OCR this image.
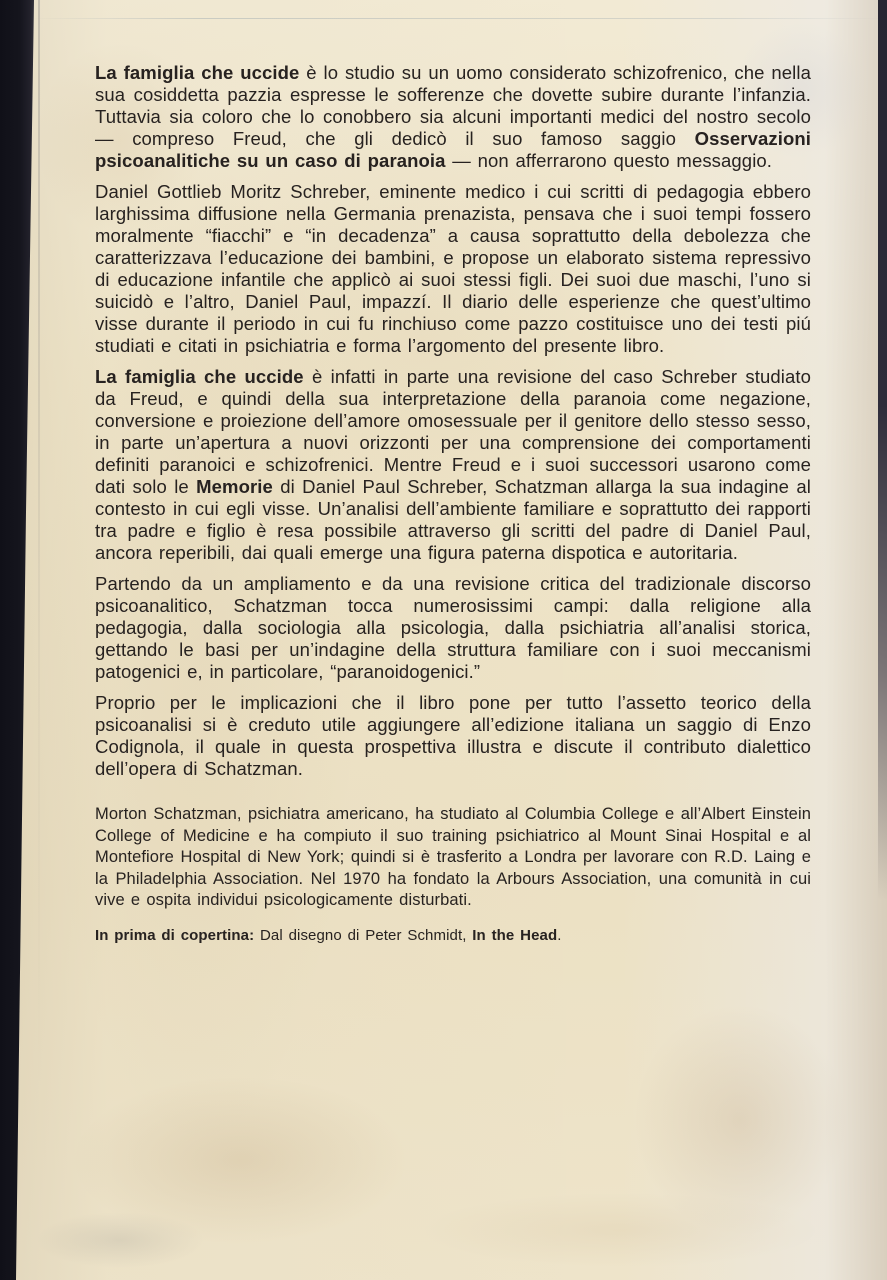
La famiglia che uccide è lo studio su un uomo considerato schizofrenico, che nella sua cosiddetta pazzia espresse le sofferenze che dovette subire durante l’infanzia. Tuttavia sia coloro che lo conobbero sia alcuni importanti medici del nostro secolo — compreso Freud, che gli dedicò il suo famoso saggio Osservazioni psicoanalitiche su un caso di paranoia — non afferrarono questo messaggio.

Daniel Gottlieb Moritz Schreber, eminente medico i cui scritti di pedagogia ebbero larghissima diffusione nella Germania prenazista, pensava che i suoi tempi fossero moralmente “fiacchi” e “in decadenza” a causa soprattutto della debolezza che caratterizzava l’educazione dei bambini, e propose un elaborato sistema repressivo di educazione infantile che applicò ai suoi stessi figli. Dei suoi due maschi, l’uno si suicidò e l’altro, Daniel Paul, impazzí. Il diario delle esperienze che quest’ultimo visse durante il periodo in cui fu rinchiuso come pazzo costituisce uno dei testi piú studiati e citati in psichiatria e forma l’argomento del presente libro.

La famiglia che uccide è infatti in parte una revisione del caso Schreber studiato da Freud, e quindi della sua interpretazione della paranoia come negazione, conversione e proiezione dell’amore omosessuale per il genitore dello stesso sesso, in parte un’apertura a nuovi orizzonti per una comprensione dei comportamenti definiti paranoici e schizofrenici. Mentre Freud e i suoi successori usarono come dati solo le Memorie di Daniel Paul Schreber, Schatzman allarga la sua indagine al contesto in cui egli visse. Un’analisi dell’ambiente familiare e soprattutto dei rapporti tra padre e figlio è resa possibile attraverso gli scritti del padre di Daniel Paul, ancora reperibili, dai quali emerge una figura paterna dispotica e autoritaria.

Partendo da un ampliamento e da una revisione critica del tradizionale discorso psicoanalitico, Schatzman tocca numerosissimi campi: dalla religione alla pedagogia, dalla sociologia alla psicologia, dalla psichiatria all’analisi storica, gettando le basi per un’indagine della struttura familiare con i suoi meccanismi patogenici e, in particolare, “paranoidogenici.”

Proprio per le implicazioni che il libro pone per tutto l’assetto teorico della psicoanalisi si è creduto utile aggiungere all’edizione italiana un saggio di Enzo Codignola, il quale in questa prospettiva illustra e discute il contributo dialettico dell’opera di Schatzman.

Morton Schatzman, psichiatra americano, ha studiato al Columbia College e all’Albert Einstein College of Medicine e ha compiuto il suo training psichiatrico al Mount Sinai Hospital e al Montefiore Hospital di New York; quindi si è trasferito a Londra per lavorare con R.D. Laing e la Philadelphia Association. Nel 1970 ha fondato la Arbours Association, una comunità in cui vive e ospita individui psicologicamente disturbati.

In prima di copertina: Dal disegno di Peter Schmidt, In the Head.
